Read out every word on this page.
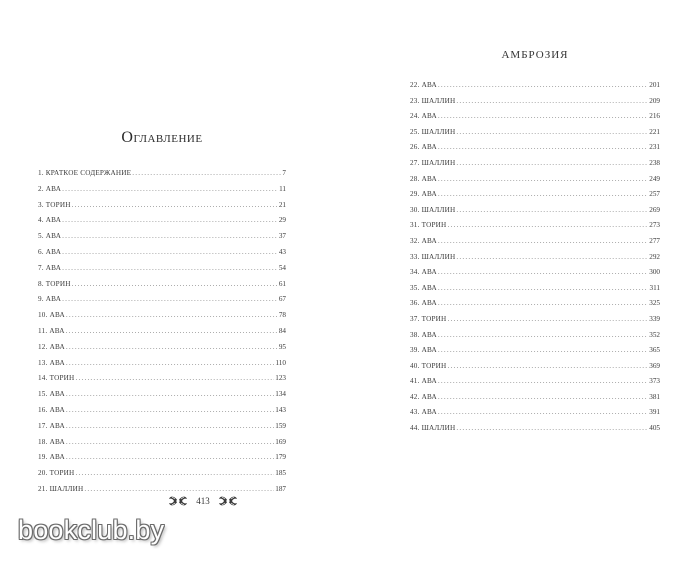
Оглавление
1. КРАТКОЕ СОДЕРЖАНИЕ .....	7
2. АВА .....	11
3. ТОРИН .....	21
4. АВА .....	29
5. АВА .....	37
6. АВА .....	43
7. АВА .....	54
8. ТОРИН .....	61
9. АВА .....	67
10. АВА .....	78
11. АВА .....	84
12. АВА .....	95
13. АВА .....	110
14. ТОРИН .....	123
15. АВА .....	134
16. АВА .....	143
17. АВА .....	159
18. АВА .....	169
19. АВА .....	179
20. ТОРИН .....	185
21. ШАЛЛИН .....	187
413
АМБРОЗИЯ
22. АВА .....	201
23. ШАЛЛИН .....	209
24. АВА .....	216
25. ШАЛЛИН .....	221
26. АВА .....	231
27. ШАЛЛИН .....	238
28. АВА .....	249
29. АВА .....	257
30. ШАЛЛИН .....	269
31. ТОРИН .....	273
32. АВА .....	277
33. ШАЛЛИН .....	292
34. АВА .....	300
35. АВА .....	311
36. АВА .....	325
37. ТОРИН .....	339
38. АВА .....	352
39. АВА .....	365
40. ТОРИН .....	369
41. АВА .....	373
42. АВА .....	381
43. АВА .....	391
44. ШАЛЛИН .....	405
bookclub.by
